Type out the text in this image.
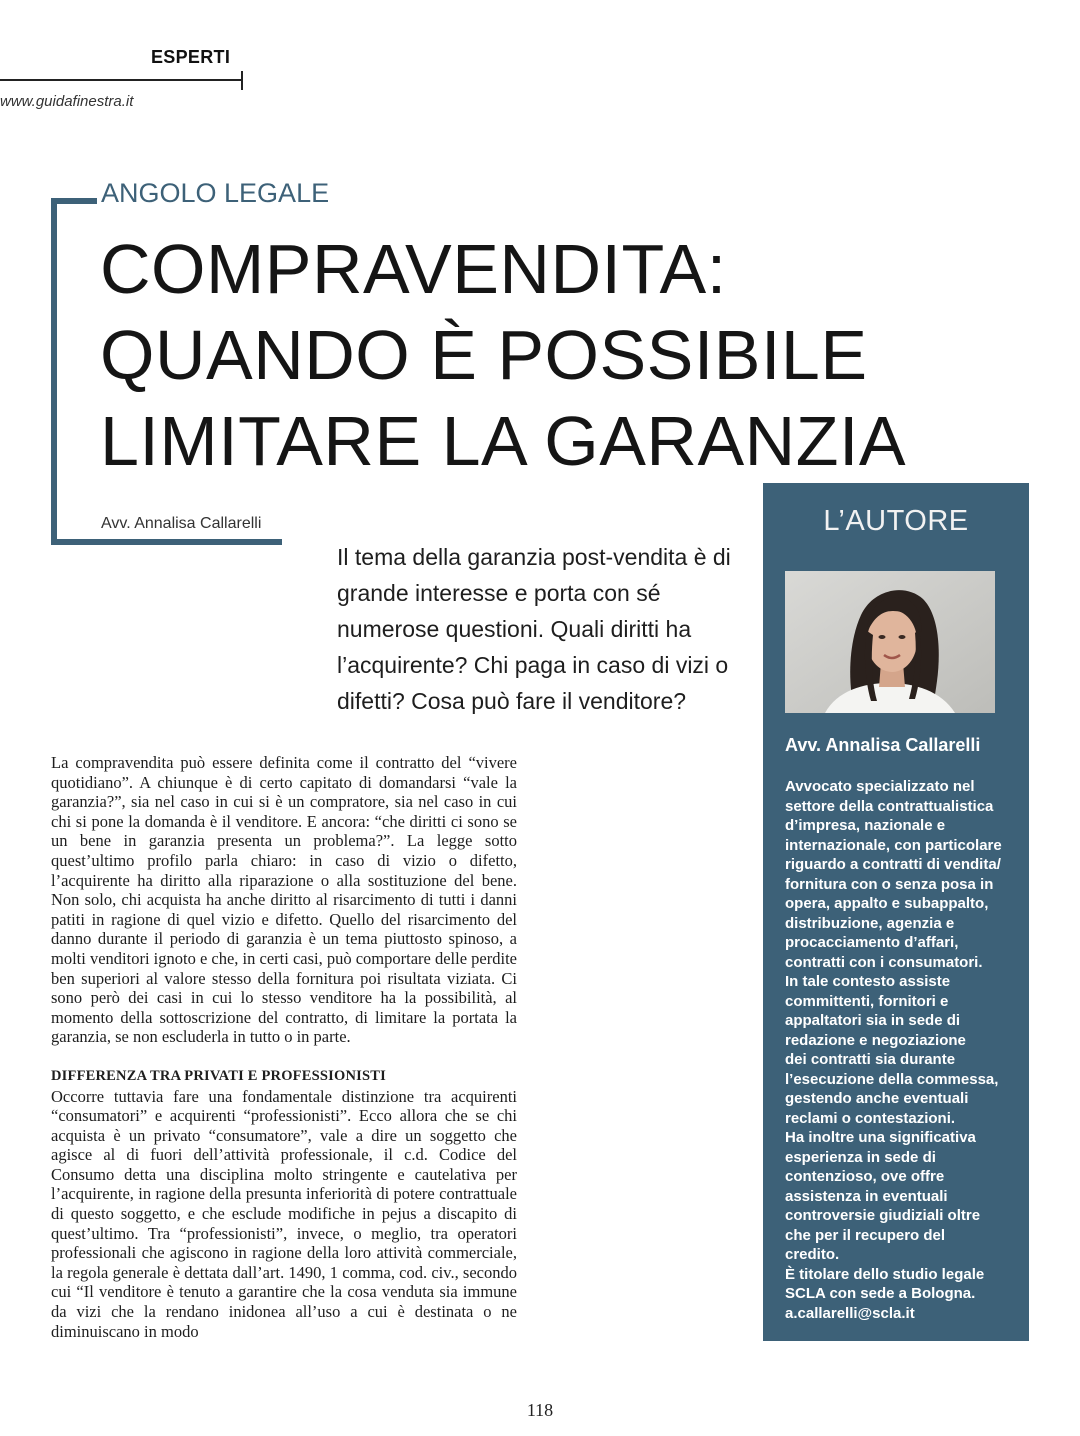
ESPERTI
www.guidafinestra.it
ANGOLO LEGALE
COMPRAVENDITA:
QUANDO È POSSIBILE
LIMITARE LA GARANZIA
Avv. Annalisa Callarelli
Il tema della garanzia post-vendita è di grande interesse e porta con sé numerose questioni. Quali diritti ha l’acquirente? Chi paga in caso di vizi o difetti? Cosa può fare il venditore?

La compravendita può essere definita come il contratto del “vivere quotidiano”. A chiunque è di certo capitato di domandarsi “vale la garanzia?”, sia nel caso in cui si è un compratore, sia nel caso in cui chi si pone la domanda è il venditore. E ancora: “che diritti ci sono se un bene in garanzia presenta un problema?”. La legge sotto quest’ultimo profilo parla chiaro: in caso di vizio o difetto, l’acquirente ha diritto alla riparazione o alla sostituzione del bene. Non solo, chi acquista ha anche diritto al risarcimento di tutti i danni patiti in ragione di quel vizio e difetto. Quello del risarcimento del danno durante il periodo di garanzia è un tema piuttosto spinoso, a molti venditori ignoto e che, in certi casi, può comportare delle perdite ben superiori al valore stesso della fornitura poi risultata viziata. Ci sono però dei casi in cui lo stesso venditore ha la possibilità, al momento della sottoscrizione del contratto, di limitare la portata la garanzia, se non escluderla in tutto o in parte.

DIFFERENZA TRA PRIVATI E PROFESSIONISTI

Occorre tuttavia fare una fondamentale distinzione tra acquirenti “consumatori” e acquirenti “professionisti”. Ecco allora che se chi acquista è un privato “consumatore”, vale a dire un soggetto che agisce al di fuori dell’attività professionale, il c.d. Codice del Consumo detta una disciplina molto stringente e cautelativa per l’acquirente, in ragione della presunta inferiorità di potere contrattuale di questo soggetto, e che esclude modifiche in pejus a discapito di quest’ultimo. Tra “professionisti”, invece, o meglio, tra operatori professionali che agiscono in ragione della loro attività commerciale, la regola generale è dettata dall’art. 1490, 1 comma, cod. civ., secondo cui “Il venditore è tenuto a garantire che la cosa venduta sia immune da vizi che la rendano inidonea all’uso a cui è destinata o ne diminuiscano in modo

L’AUTORE
Avv. Annalisa Callarelli
Avvocato specializzato nel
settore della contrattualistica
d’impresa, nazionale e
internazionale, con particolare
riguardo a contratti di vendita/
fornitura con o senza posa in
opera, appalto e subappalto,
distribuzione, agenzia e
procacciamento d’affari,
contratti con i consumatori.
In tale contesto assiste
committenti, fornitori e
appaltatori sia in sede di
redazione e negoziazione
dei contratti sia durante
l’esecuzione della commessa,
gestendo anche eventuali
reclami o contestazioni.
Ha inoltre una significativa
esperienza in sede di
contenzioso, ove offre
assistenza in eventuali
controversie giudiziali oltre
che per il recupero del
credito.
È titolare dello studio legale
SCLA con sede a Bologna.
a.callarelli@scla.it
118
